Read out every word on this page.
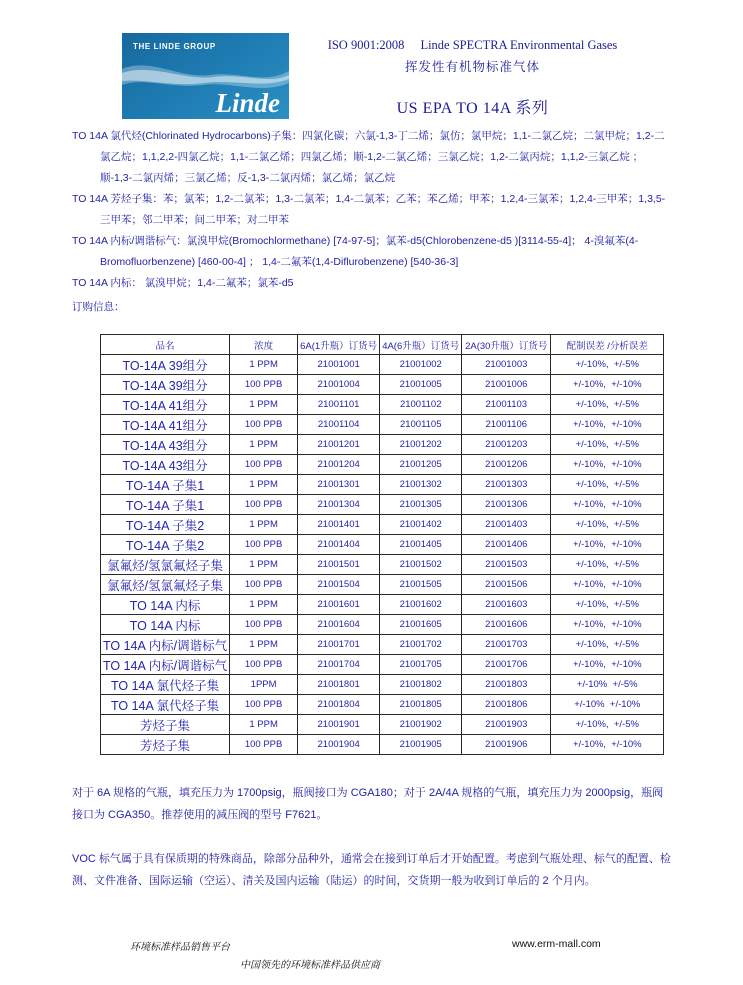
THE LINDE GROUP
Linde
ISO 9001:2008 Linde SPECTRA Environmental Gases
挥发性有机物标准气体
US EPA TO 14A 系列
TO 14A 氯代烃(Chlorinated Hydrocarbons)子集：四氯化碳；六氯-1,3-丁二烯；氯仿；氯甲烷；1,1-二氯乙烷；二氯甲烷；1,2-二氯乙烷；1,1,2,2-四氯乙烷；1,1-二氯乙烯；四氯乙烯；顺-1,2-二氯乙烯；三氯乙烷；1,2-二氯丙烷；1,1,2-三氯乙烷 ；顺-1,3-二氯丙烯；三氯乙烯；反-1,3-二氯丙烯；氯乙烯；氯乙烷
TO 14A 芳烃子集：苯；氯苯；1,2-二氯苯；1,3-二氯苯；1,4-二氯苯；乙苯；苯乙烯；甲苯；1,2,4-三氯苯；1,2,4-三甲苯；1,3,5-三甲苯；邻二甲苯；间二甲苯；对二甲苯
TO 14A 内标/调谐标气：氯溴甲烷(Bromochlormethane) [74-97-5]；氯苯-d5(Chlorobenzene-d5 )[3114-55-4]； 4-溴氟苯(4-Bromofluorbenzene) [460-00-4] ； 1,4-二氟苯(1,4-Diflurobenzene) [540-36-3]
TO 14A 内标： 氯溴甲烷；1,4-二氟苯；氯苯-d5
订购信息：
品名	浓度	6A(1升瓶）订货号	4A(6升瓶）订货号	2A(30升瓶）订货号	配制误差 /分析误差
TO-14A 39组分	1 PPM	21001001	21001002	21001003	+/-10%,  +/-5%
TO-14A 39组分	100 PPB	21001004	21001005	21001006	+/-10%,  +/-10%
TO-14A 41组分	1 PPM	21001101	21001102	21001103	+/-10%,  +/-5%
TO-14A 41组分	100 PPB	21001104	21001105	21001106	+/-10%,  +/-10%
TO-14A 43组分	1 PPM	21001201	21001202	21001203	+/-10%,  +/-5%
TO-14A 43组分	100 PPB	21001204	21001205	21001206	+/-10%,  +/-10%
TO-14A 子集1	1 PPM	21001301	21001302	21001303	+/-10%,  +/-5%
TO-14A 子集1	100 PPB	21001304	21001305	21001306	+/-10%,  +/-10%
TO-14A 子集2	1 PPM	21001401	21001402	21001403	+/-10%,  +/-5%
TO-14A 子集2	100 PPB	21001404	21001405	21001406	+/-10%,  +/-10%
氯氟烃/氢氯氟烃子集	1 PPM	21001501	21001502	21001503	+/-10%,  +/-5%
氯氟烃/氢氯氟烃子集	100 PPB	21001504	21001505	21001506	+/-10%,  +/-10%
TO 14A 内标	1 PPM	21001601	21001602	21001603	+/-10%,  +/-5%
TO 14A 内标	100 PPB	21001604	21001605	21001606	+/-10%,  +/-10%
TO 14A 内标/调谐标气	1 PPM	21001701	21001702	21001703	+/-10%,  +/-5%
TO 14A 内标/调谐标气	100 PPB	21001704	21001705	21001706	+/-10%,  +/-10%
TO 14A 氯代烃子集	1PPM	21001801	21001802	21001803	+/-10%  +/-5%
TO 14A 氯代烃子集	100 PPB	21001804	21001805	21001806	+/-10%  +/-10%
芳烃子集	1 PPM	21001901	21001902	21001903	+/-10%,  +/-5%
芳烃子集	100 PPB	21001904	21001905	21001906	+/-10%,  +/-10%
对于 6A 规格的气瓶，填充压力为 1700psig，瓶阀接口为 CGA180；对于 2A/4A 规格的气瓶，填充压力为 2000psig，瓶阀接口为 CGA350。推荐使用的减压阀的型号 F7621。
VOC 标气属于具有保质期的特殊商品，除部分品种外，通常会在接到订单后才开始配置。考虑到气瓶处理、标气的配置、检测、文件准备、国际运输（空运）、清关及国内运输（陆运）的时间，交货期一般为收到订单后的 2 个月内。
环境标准样品销售平台	www.erm-mall.com
中国领先的环境标准样品供应商
